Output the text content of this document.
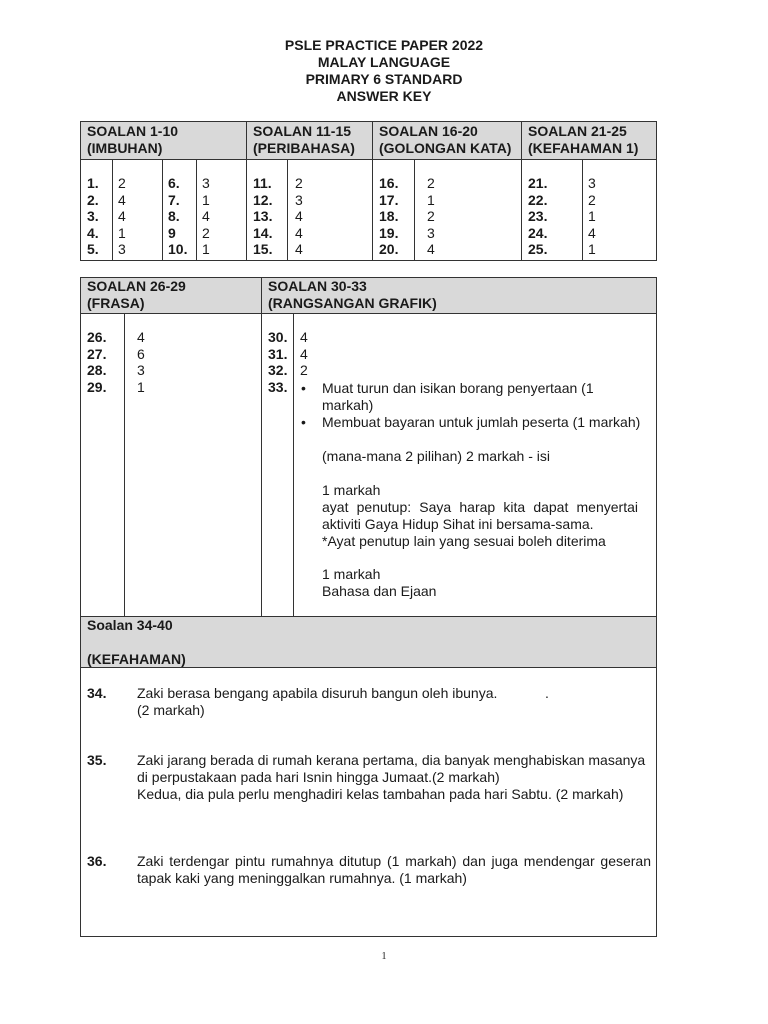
PSLE PRACTICE PAPER 2022
MALAY LANGUAGE
PRIMARY 6 STANDARD
ANSWER KEY
SOALAN 1-10
(IMBUHAN)
SOALAN 11-15
(PERIBAHASA)
SOALAN 16-20
(GOLONGAN KATA)
SOALAN 21-25
(KEFAHAMAN 1)
1.
2.
3.
4.
5.
2
4
4
1
3
6.
7.
8.
9
10.
3
1
4
2
1
11.
12.
13.
14.
15.
2
3
4
4
4
16.
17.
18.
19.
20.
2
1
2
3
4
21.
22.
23.
24.
25.
3
2
1
4
1
SOALAN 26-29
(FRASA)
SOALAN 30-33
(RANGSANGAN GRAFIK)
26.
27.
28.
29.
4
6
3
1
30.
31.
32.
33.
4
4
2
• Muat turun dan isikan borang penyertaan (1 markah)
• Membuat bayaran untuk jumlah peserta (1 markah)
(mana-mana 2 pilihan) 2 markah - isi
1 markah
ayat penutup: Saya harap kita dapat menyertai aktiviti Gaya Hidup Sihat ini bersama-sama.
*Ayat penutup lain yang sesuai boleh diterima
1 markah
Bahasa dan Ejaan
Soalan 34-40
(KEFAHAMAN)
34. Zaki berasa bengang apabila disuruh bangun oleh ibunya.	.
(2 markah)
35. Zaki jarang berada di rumah kerana pertama, dia banyak menghabiskan masanya di perpustakaan pada hari Isnin hingga Jumaat.(2 markah)
Kedua, dia pula perlu menghadiri kelas tambahan pada hari Sabtu. (2 markah)
36. Zaki terdengar pintu rumahnya ditutup (1 markah) dan juga mendengar geseran tapak kaki yang meninggalkan rumahnya. (1 markah)
1
